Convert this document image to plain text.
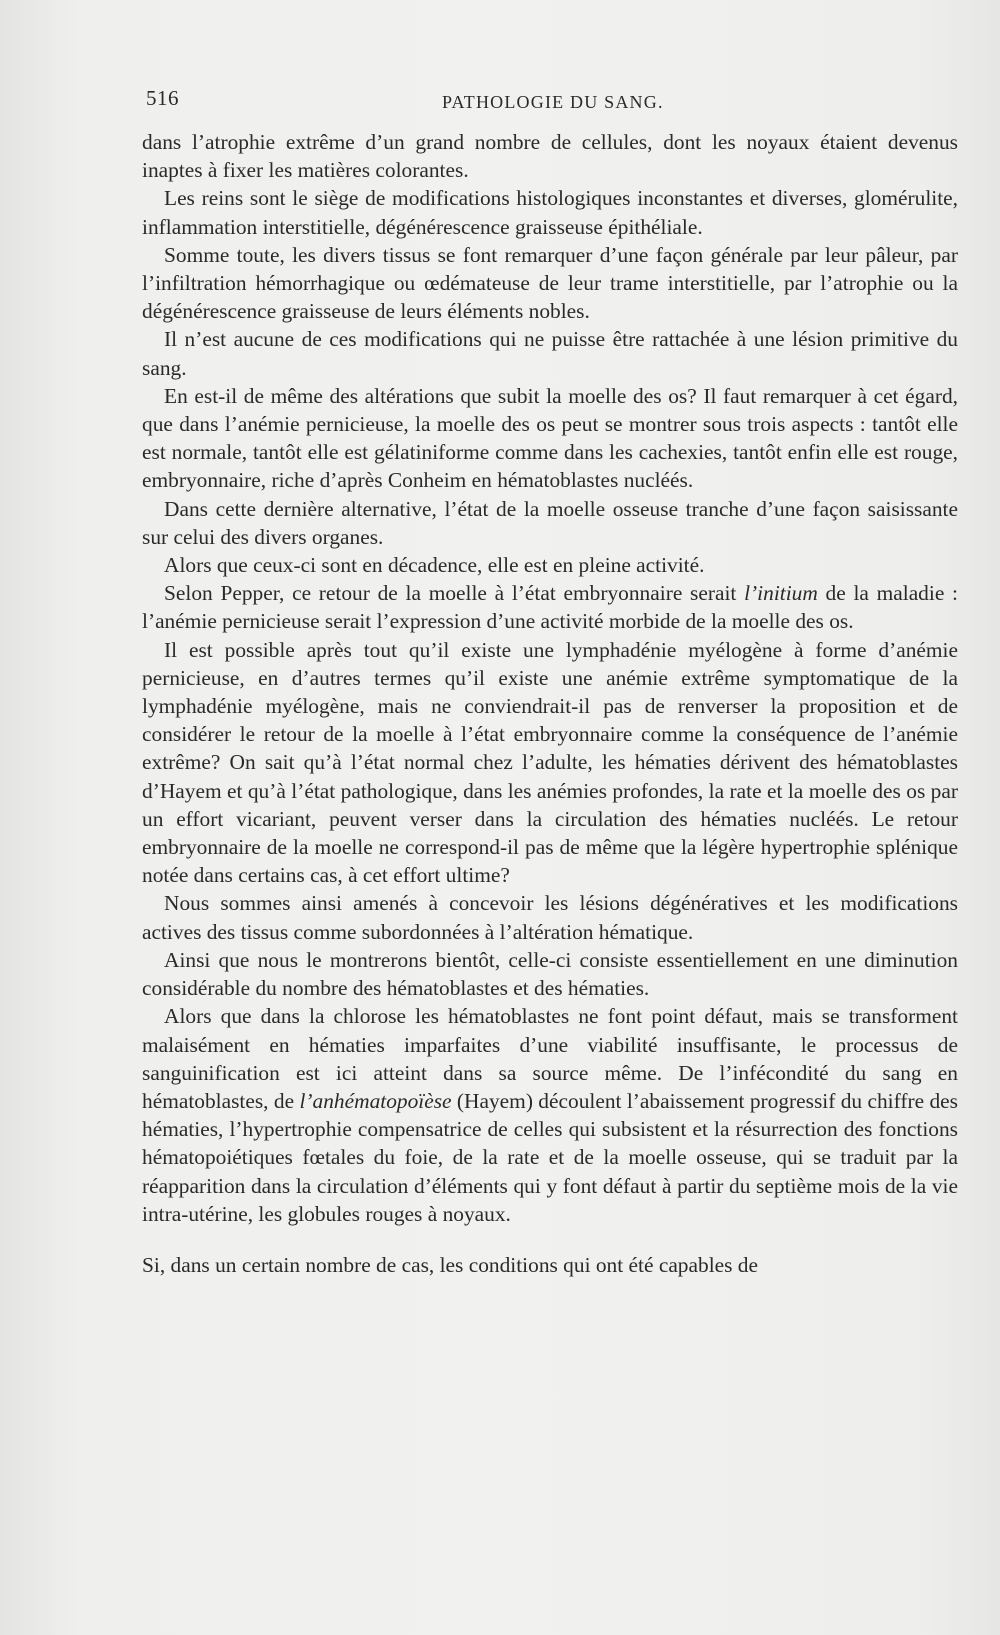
516	PATHOLOGIE DU SANG.

dans l’atrophie extrême d’un grand nombre de cellules, dont les noyaux étaient devenus inaptes à fixer les matières colorantes.

Les reins sont le siège de modifications histologiques inconstantes et diverses, glomérulite, inflammation interstitielle, dégénérescence graisseuse épithéliale.

Somme toute, les divers tissus se font remarquer d’une façon générale par leur pâleur, par l’infiltration hémorrhagique ou œdémateuse de leur trame interstitielle, par l’atrophie ou la dégénérescence graisseuse de leurs éléments nobles.

Il n’est aucune de ces modifications qui ne puisse être rattachée à une lésion primitive du sang.

En est-il de même des altérations que subit la moelle des os? Il faut remarquer à cet égard, que dans l’anémie pernicieuse, la moelle des os peut se montrer sous trois aspects : tantôt elle est normale, tantôt elle est gélatiniforme comme dans les cachexies, tantôt enfin elle est rouge, embryonnaire, riche d’après Conheim en hématoblastes nucléés.

Dans cette dernière alternative, l’état de la moelle osseuse tranche d’une façon saisissante sur celui des divers organes.

Alors que ceux-ci sont en décadence, elle est en pleine activité.

Selon Pepper, ce retour de la moelle à l’état embryonnaire serait l’initium de la maladie : l’anémie pernicieuse serait l’expression d’une activité morbide de la moelle des os.

Il est possible après tout qu’il existe une lymphadénie myélogène à forme d’anémie pernicieuse, en d’autres termes qu’il existe une anémie extrême symptomatique de la lymphadénie myélogène, mais ne conviendrait-il pas de renverser la proposition et de considérer le retour de la moelle à l’état embryonnaire comme la conséquence de l’anémie extrême? On sait qu’à l’état normal chez l’adulte, les hématies dérivent des hématoblastes d’Hayem et qu’à l’état pathologique, dans les anémies profondes, la rate et la moelle des os par un effort vicariant, peuvent verser dans la circulation des hématies nucléés. Le retour embryonnaire de la moelle ne correspond-il pas de même que la légère hypertrophie splénique notée dans certains cas, à cet effort ultime?

Nous sommes ainsi amenés à concevoir les lésions dégénératives et les modifications actives des tissus comme subordonnées à l’altération hématique.

Ainsi que nous le montrerons bientôt, celle-ci consiste essentiellement en une diminution considérable du nombre des hématoblastes et des hématies.

Alors que dans la chlorose les hématoblastes ne font point défaut, mais se transforment malaisément en hématies imparfaites d’une viabilité insuffisante, le processus de sanguinification est ici atteint dans sa source même. De l’infécondité du sang en hématoblastes, de l’anhématopoïèse (Hayem) découlent l’abaissement progressif du chiffre des hématies, l’hypertrophie compensatrice de celles qui subsistent et la résurrection des fonctions hématopoiétiques fœtales du foie, de la rate et de la moelle osseuse, qui se traduit par la réapparition dans la circulation d’éléments qui y font défaut à partir du septième mois de la vie intra-utérine, les globules rouges à noyaux.

Si, dans un certain nombre de cas, les conditions qui ont été capables de
